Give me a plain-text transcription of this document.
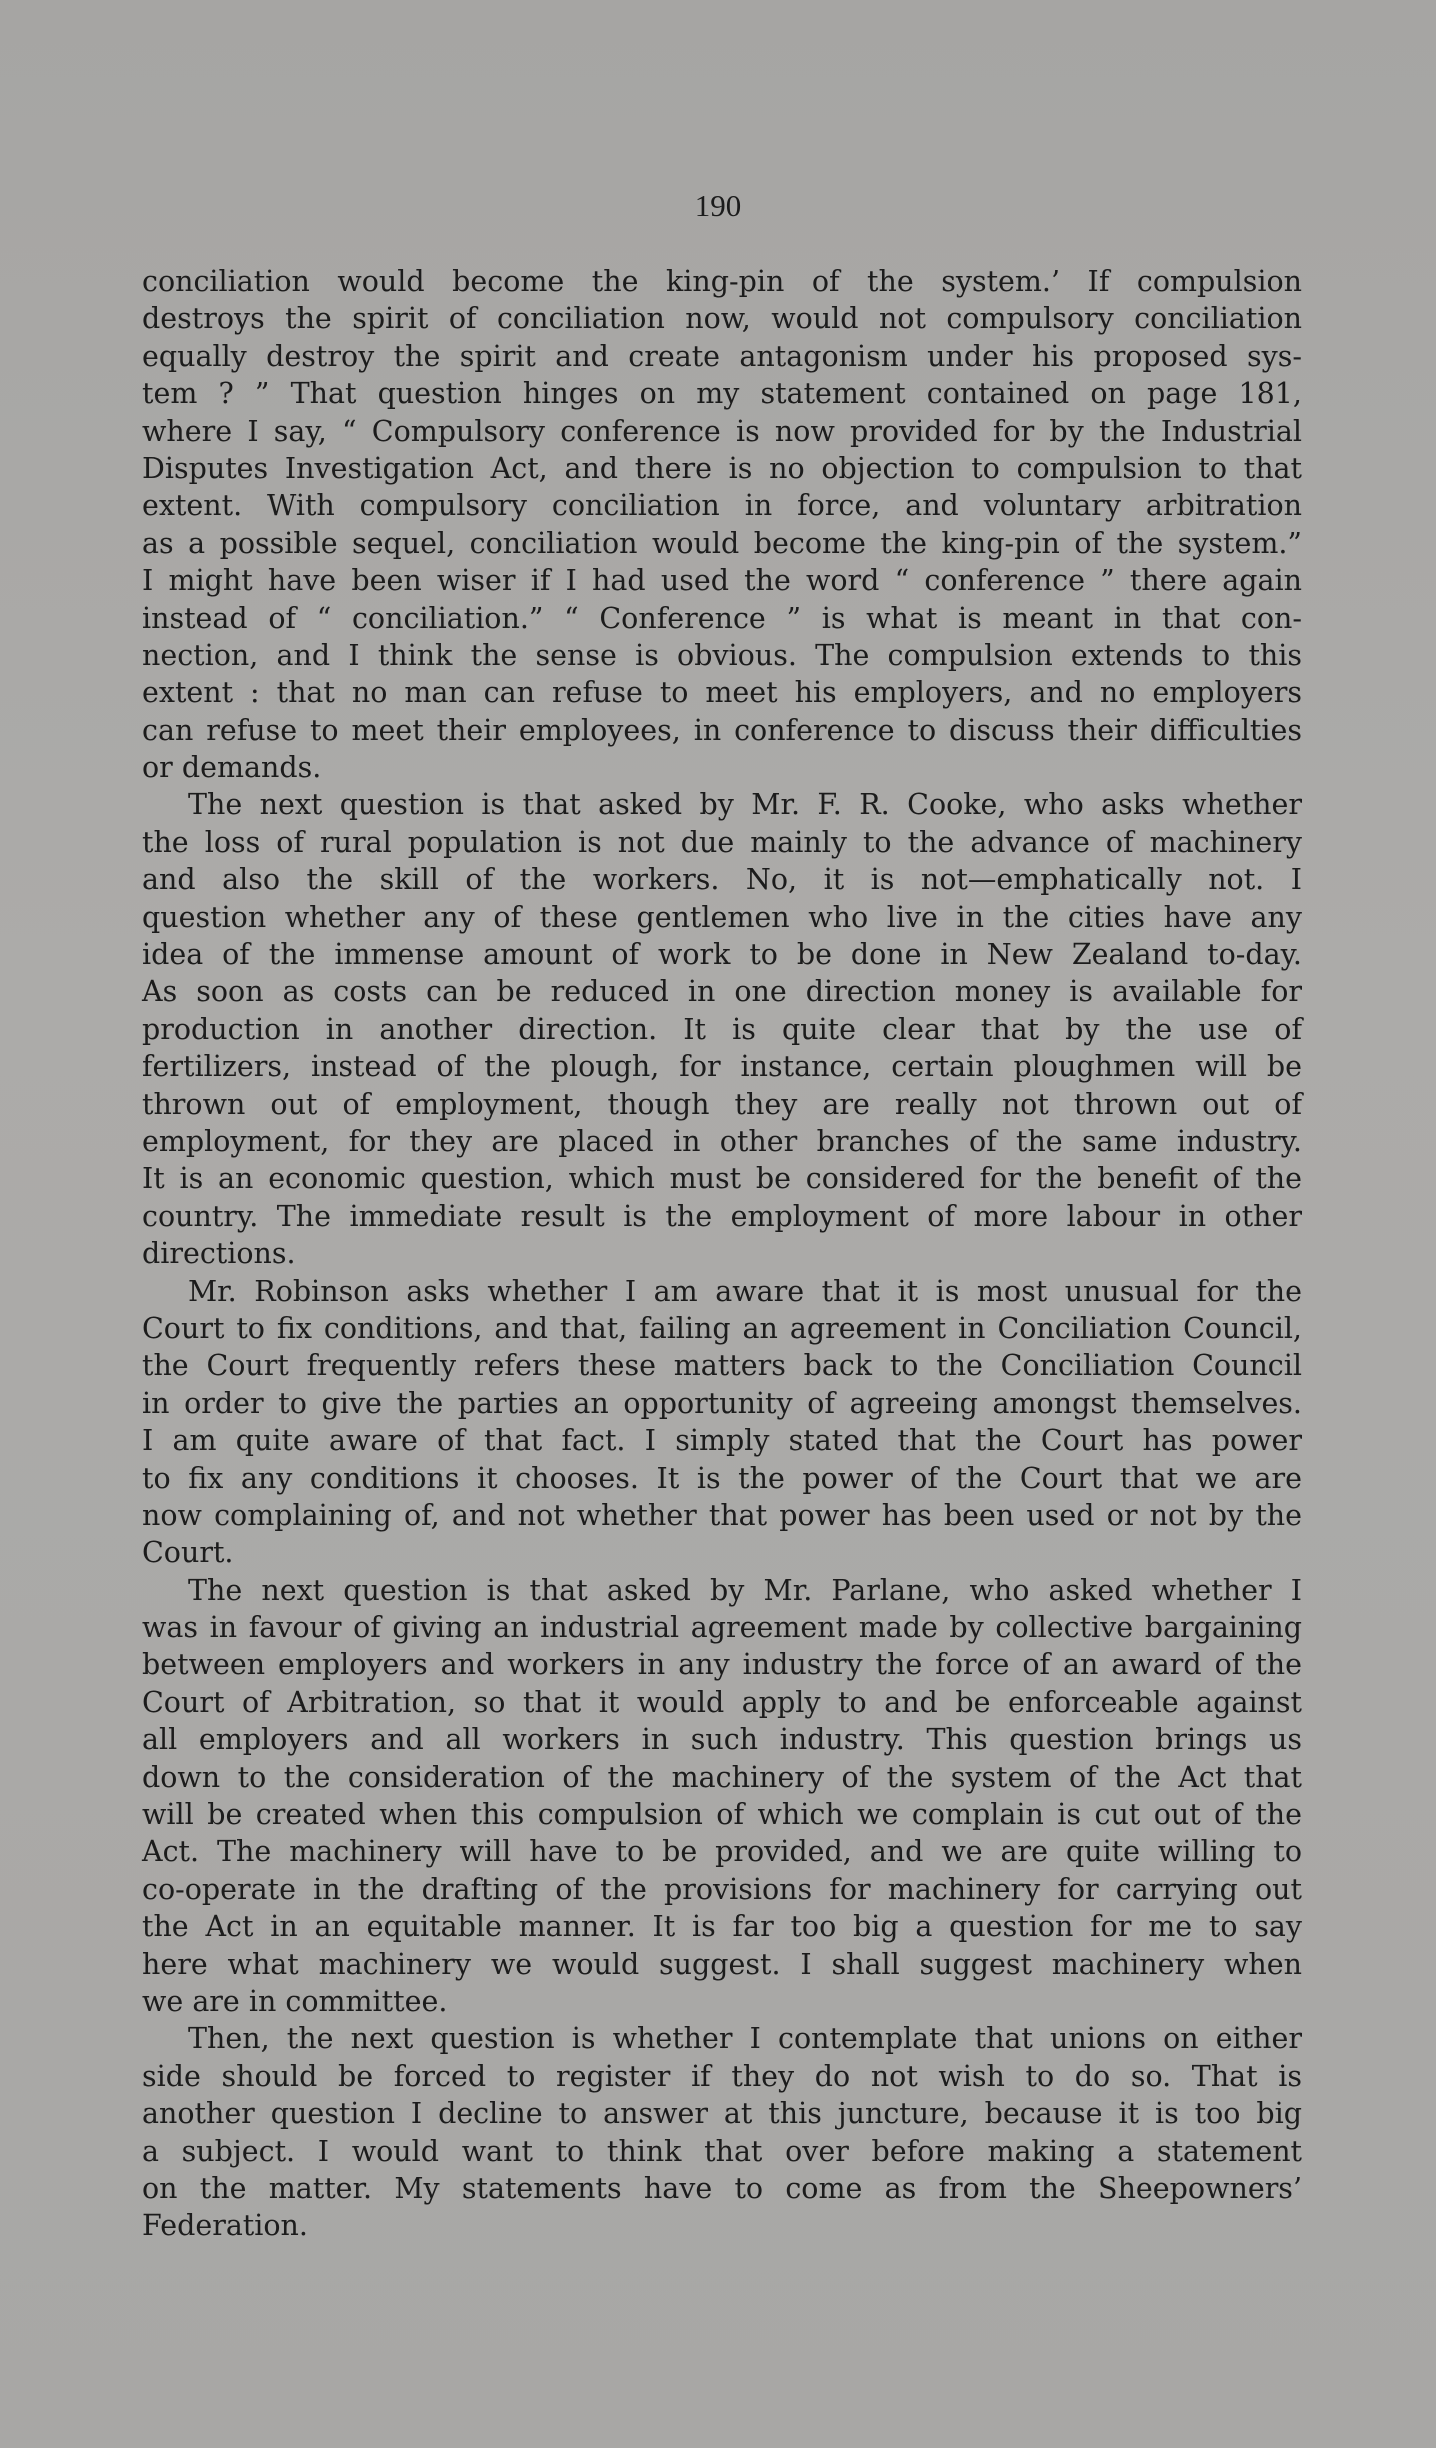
190
conciliation would become the king-pin of the system.’ If compulsion
destroys the spirit of conciliation now, would not compulsory conciliation
equally destroy the spirit and create antagonism under his proposed sys-
tem ? ” That question hinges on my statement contained on page 181,
where I say, “ Compulsory conference is now provided for by the Industrial
Disputes Investigation Act, and there is no objection to compulsion to that
extent. With compulsory conciliation in force, and voluntary arbitration
as a possible sequel, conciliation would become the king-pin of the system.”
I might have been wiser if I had used the word “ conference ” there again
instead of “ conciliation.” “ Conference ” is what is meant in that con-
nection, and I think the sense is obvious. The compulsion extends to this
extent : that no man can refuse to meet his employers, and no employers
can refuse to meet their employees, in conference to discuss their difficulties
or demands.
The next question is that asked by Mr. F. R. Cooke, who asks whether
the loss of rural population is not due mainly to the advance of machinery
and also the skill of the workers. No, it is not—emphatically not. I
question whether any of these gentlemen who live in the cities have any
idea of the immense amount of work to be done in New Zealand to-day.
As soon as costs can be reduced in one direction money is available for
production in another direction. It is quite clear that by the use of
fertilizers, instead of the plough, for instance, certain ploughmen will be
thrown out of employment, though they are really not thrown out of
employment, for they are placed in other branches of the same industry.
It is an economic question, which must be considered for the benefit of the
country. The immediate result is the employment of more labour in other
directions.
Mr. Robinson asks whether I am aware that it is most unusual for the
Court to fix conditions, and that, failing an agreement in Conciliation Council,
the Court frequently refers these matters back to the Conciliation Council
in order to give the parties an opportunity of agreeing amongst themselves.
I am quite aware of that fact. I simply stated that the Court has power
to fix any conditions it chooses. It is the power of the Court that we are
now complaining of, and not whether that power has been used or not by the
Court.
The next question is that asked by Mr. Parlane, who asked whether I
was in favour of giving an industrial agreement made by collective bargaining
between employers and workers in any industry the force of an award of the
Court of Arbitration, so that it would apply to and be enforceable against
all employers and all workers in such industry. This question brings us
down to the consideration of the machinery of the system of the Act that
will be created when this compulsion of which we complain is cut out of the
Act. The machinery will have to be provided, and we are quite willing to
co-operate in the drafting of the provisions for machinery for carrying out
the Act in an equitable manner. It is far too big a question for me to say
here what machinery we would suggest. I shall suggest machinery when
we are in committee.
Then, the next question is whether I contemplate that unions on either
side should be forced to register if they do not wish to do so. That is
another question I decline to answer at this juncture, because it is too big
a subject. I would want to think that over before making a statement
on the matter. My statements have to come as from the Sheepowners’
Federation.
